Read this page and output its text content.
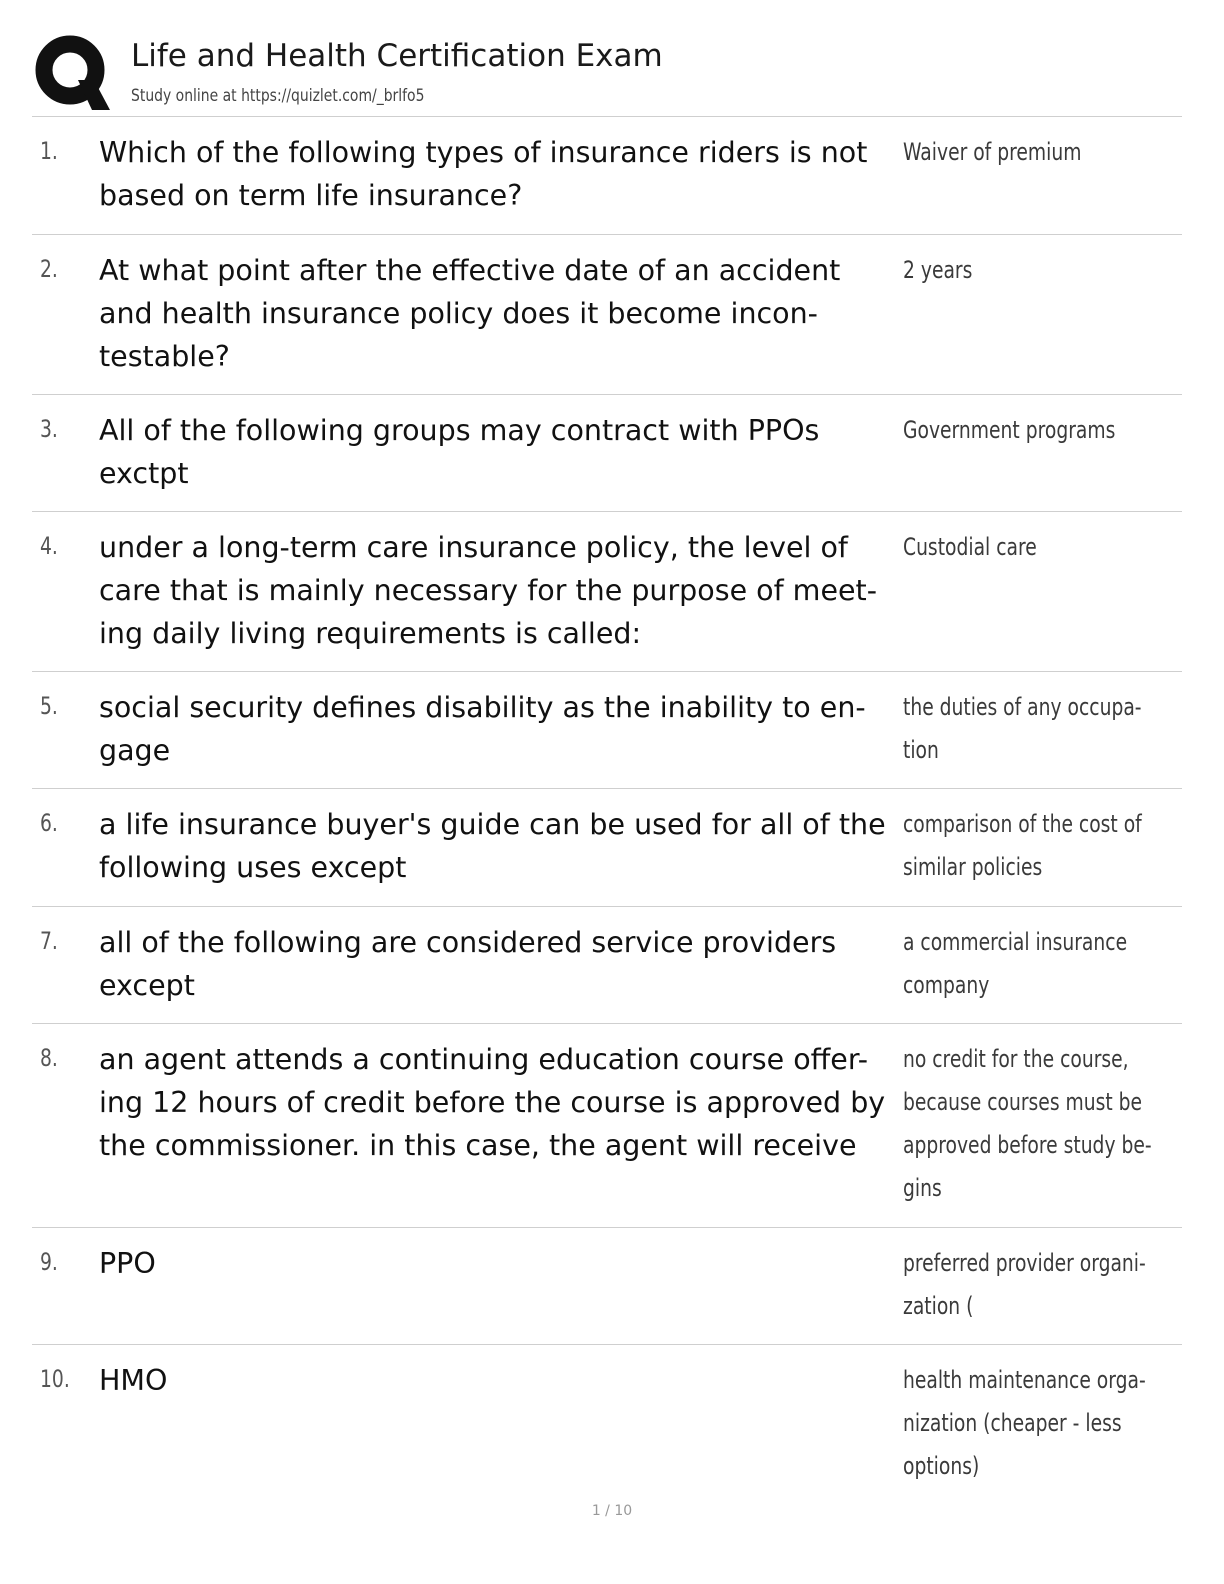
Life and Health Certification Exam
Study online at https://quizlet.com/_brlfo5
1. Which of the following types of insurance riders is not based on term life insurance?
Waiver of premium
2. At what point after the effective date of an accident and health insurance policy does it become incon-testable?
2 years
3. All of the following groups may contract with PPOs exctpt
Government programs
4. under a long-term care insurance policy, the level of care that is mainly necessary for the purpose of meet-ing daily living requirements is called:
Custodial care
5. social security defines disability as the inability to en-gage
the duties of any occupa-tion
6. a life insurance buyer's guide can be used for all of the following uses except
comparison of the cost of similar policies
7. all of the following are considered service providers except
a commercial insurance company
8. an agent attends a continuing education course offer-ing 12 hours of credit before the course is approved by the commissioner. in this case, the agent will receive
no credit for the course, because courses must be approved before study be-gins
9. PPO	preferred provider organi-zation (
10. HMO	health maintenance orga-nization (cheaper - less options)
1 / 10
